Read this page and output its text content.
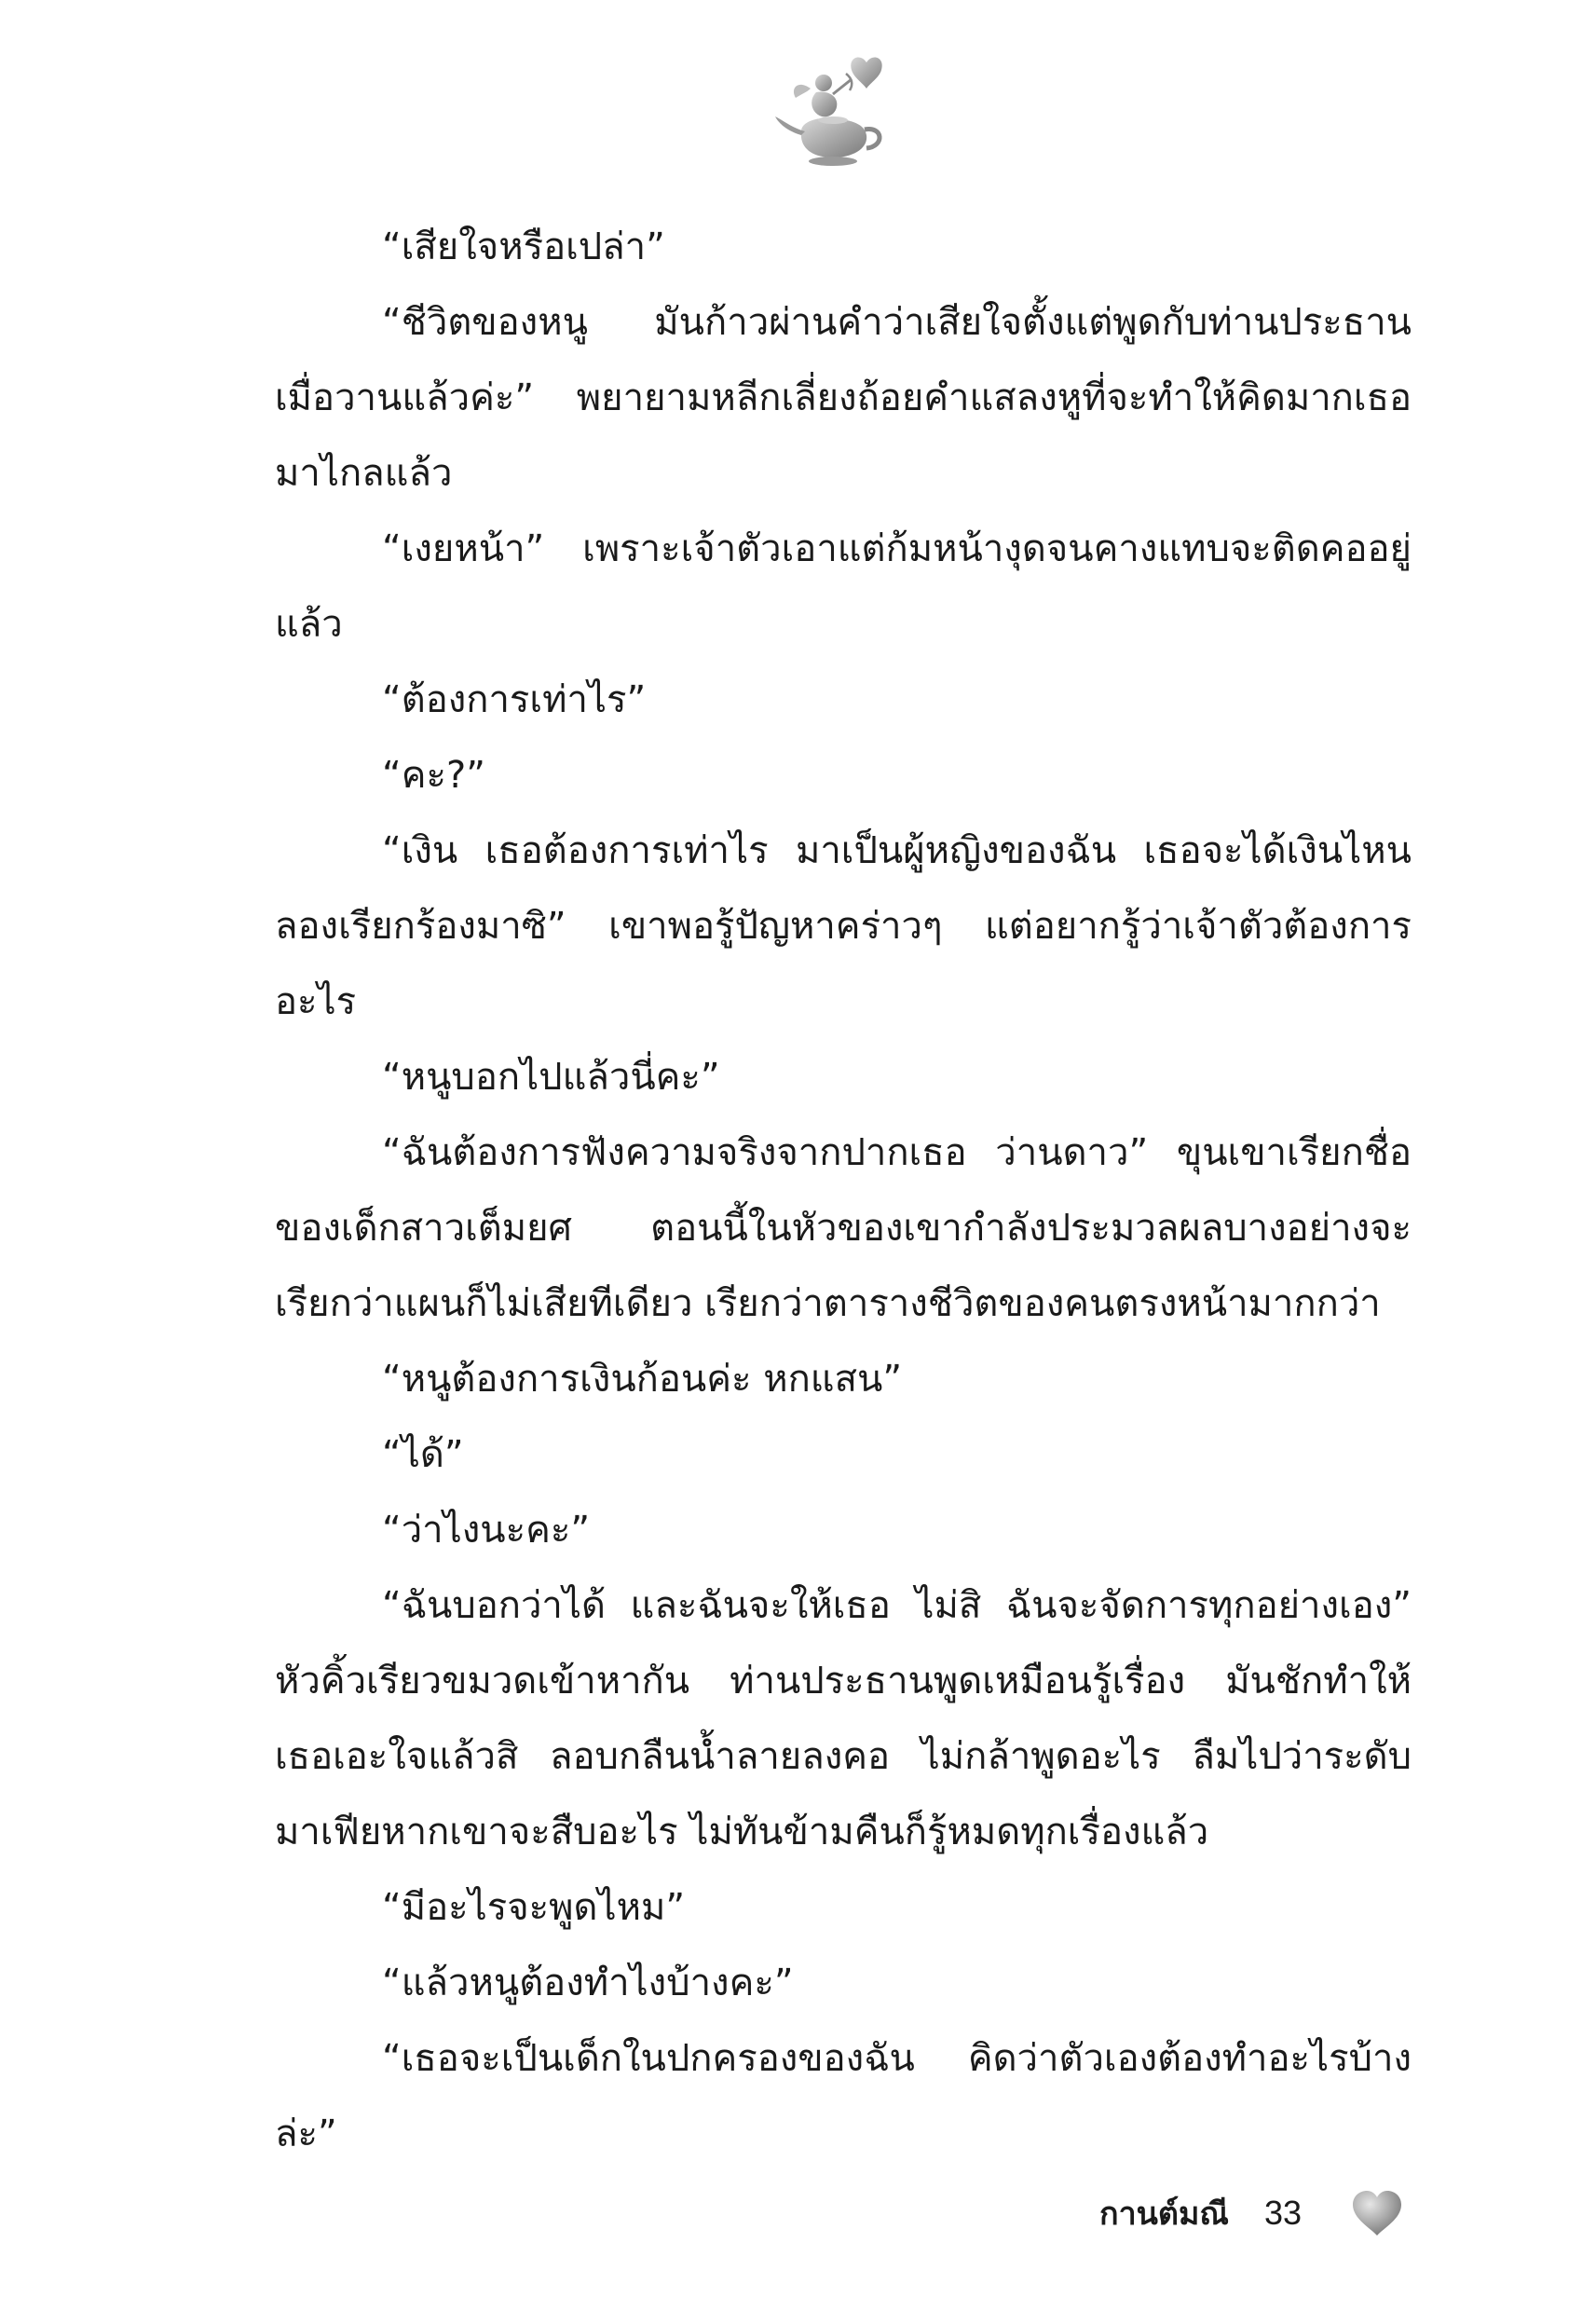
“เสียใจหรือเปล่า”

“ชีวิตของหนู มันก้าวผ่านคำว่าเสียใจตั้งแต่พูดกับท่านประธานเมื่อวานแล้วค่ะ” พยายามหลีกเลี่ยงถ้อยคำแสลงหูที่จะทำให้คิดมากเธอมาไกลแล้ว

“เงยหน้า” เพราะเจ้าตัวเอาแต่ก้มหน้างุดจนคางแทบจะติดคออยู่แล้ว

“ต้องการเท่าไร”

“คะ?”

“เงิน เธอต้องการเท่าไร มาเป็นผู้หญิงของฉัน เธอจะได้เงินไหนลองเรียกร้องมาซิ” เขาพอรู้ปัญหาคร่าวๆ แต่อยากรู้ว่าเจ้าตัวต้องการอะไร

“หนูบอกไปแล้วนี่คะ”

“ฉันต้องการฟังความจริงจากปากเธอ ว่านดาว” ขุนเขาเรียกชื่อของเด็กสาวเต็มยศ ตอนนี้ในหัวของเขากำลังประมวลผลบางอย่างจะเรียกว่าแผนก็ไม่เสียทีเดียว เรียกว่าตารางชีวิตของคนตรงหน้ามากกว่า

“หนูต้องการเงินก้อนค่ะ หกแสน”

“ได้”

“ว่าไงนะคะ”

“ฉันบอกว่าได้ และฉันจะให้เธอ ไม่สิ ฉันจะจัดการทุกอย่างเอง” หัวคิ้วเรียวขมวดเข้าหากัน ท่านประธานพูดเหมือนรู้เรื่อง มันชักทำให้เธอเอะใจแล้วสิ ลอบกลืนน้ำลายลงคอ ไม่กล้าพูดอะไร ลืมไปว่าระดับมาเฟียหากเขาจะสืบอะไร ไม่ทันข้ามคืนก็รู้หมดทุกเรื่องแล้ว

“มีอะไรจะพูดไหม”

“แล้วหนูต้องทำไงบ้างคะ”

“เธอจะเป็นเด็กในปกครองของฉัน คิดว่าตัวเองต้องทำอะไรบ้างล่ะ”

กานต์มณี 33
